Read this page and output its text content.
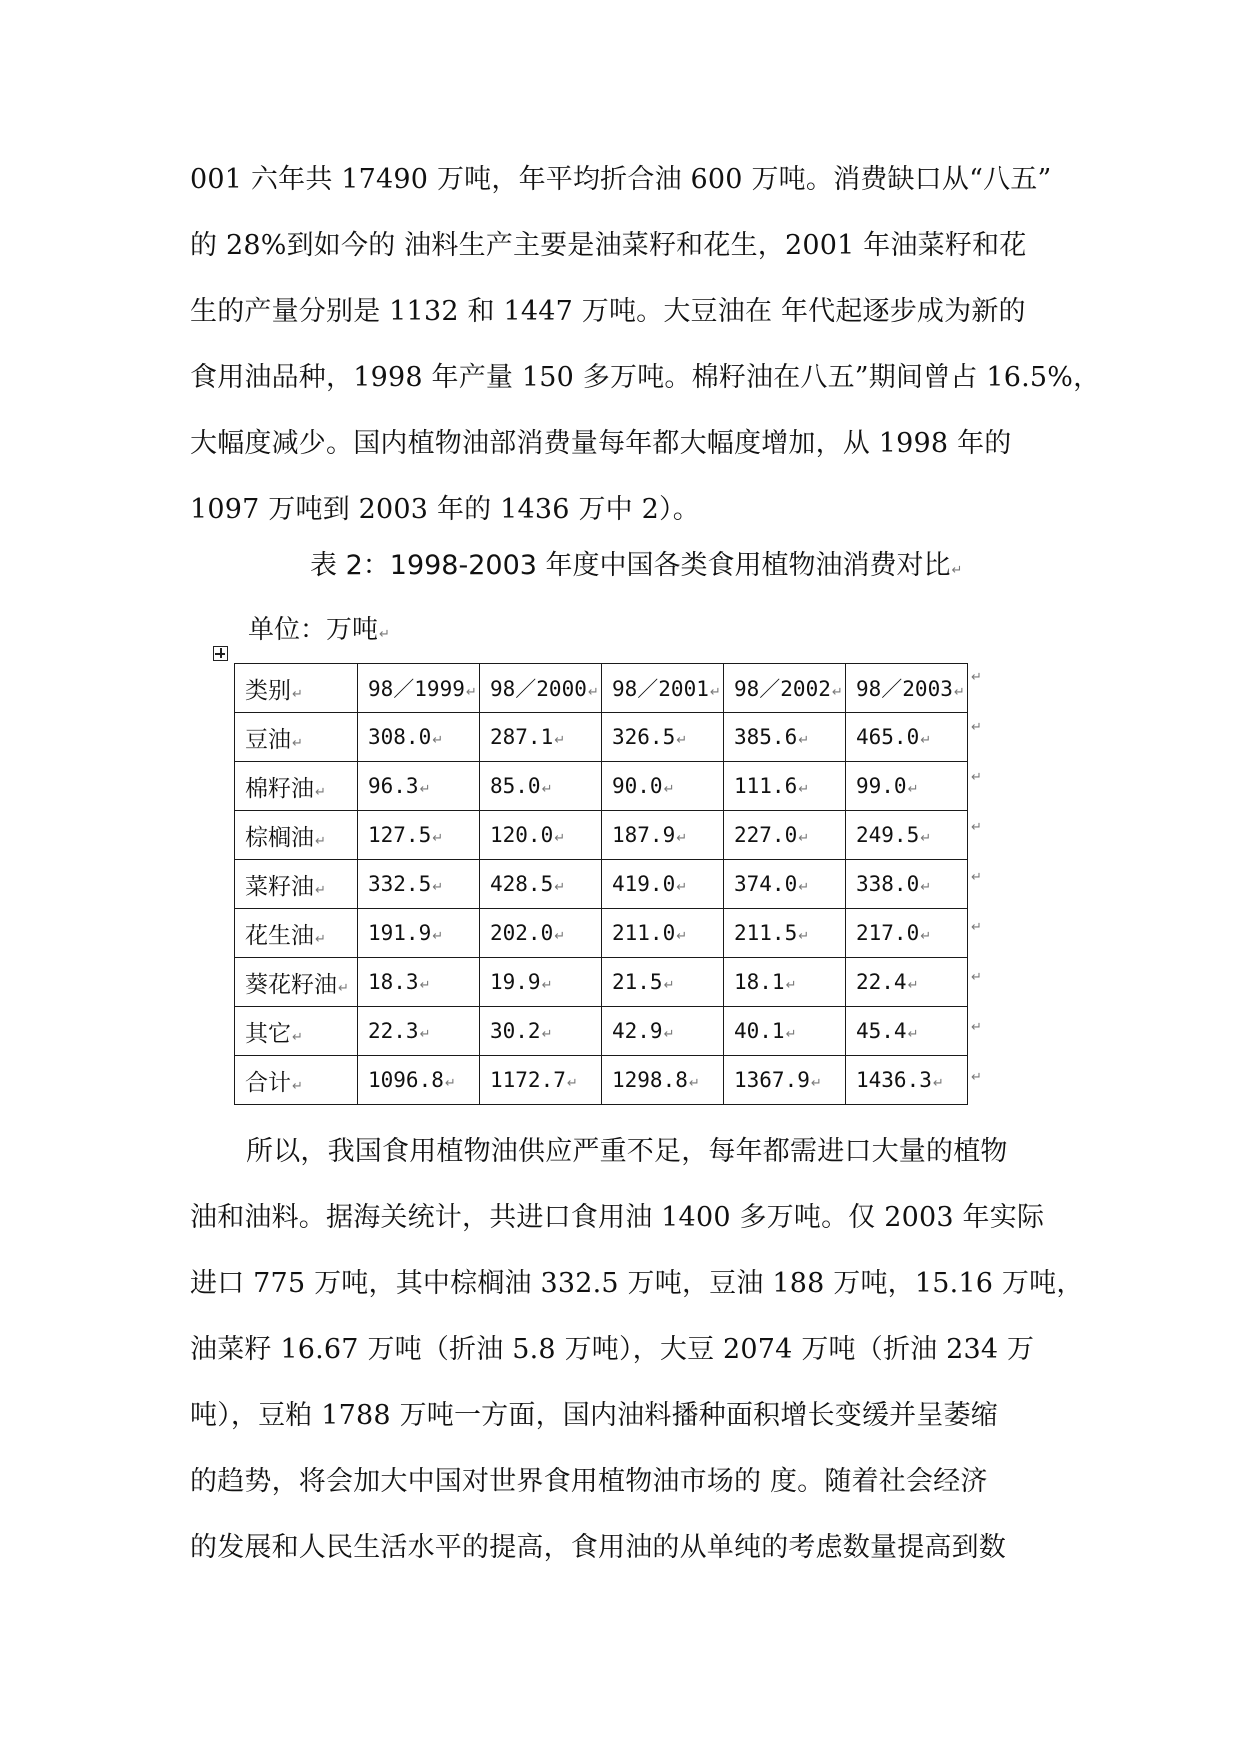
001 六年共 17490 万吨，年平均折合油 600 万吨。消费缺口从“八五”
的 28%到如今的 油料生产主要是油菜籽和花生，2001 年油菜籽和花
生的产量分别是 1132 和 1447 万吨。大豆油在 年代起逐步成为新的
食用油品种，1998 年产量 150 多万吨。棉籽油在八五”期间曾占 16.5%，
大幅度减少。国内植物油部消费量每年都大幅度增加，从 1998 年的
1097 万吨到 2003 年的 1436 万中 2）。
表 2：1998-2003 年度中国各类食用植物油消费对比↵
单位：万吨↵
类别↵	98／1999↵	98／2000↵	98／2001↵	98／2002↵	98／2003↵
豆油↵	308.0↵	287.1↵	326.5↵	385.6↵	465.0↵
棉籽油↵	96.3↵	85.0↵	90.0↵	111.6↵	99.0↵
棕榈油↵	127.5↵	120.0↵	187.9↵	227.0↵	249.5↵
菜籽油↵	332.5↵	428.5↵	419.0↵	374.0↵	338.0↵
花生油↵	191.9↵	202.0↵	211.0↵	211.5↵	217.0↵
葵花籽油↵	18.3↵	19.9↵	21.5↵	18.1↵	22.4↵
其它↵	22.3↵	30.2↵	42.9↵	40.1↵	45.4↵
合计↵	1096.8↵	1172.7↵	1298.8↵	1367.9↵	1436.3↵
↵
↵
↵
↵
↵
↵
↵
↵
↵
所以，我国食用植物油供应严重不足，每年都需进口大量的植物
油和油料。据海关统计，共进口食用油 1400 多万吨。仅 2003 年实际
进口 775 万吨，其中棕榈油 332.5 万吨，豆油 188 万吨，15.16 万吨，
油菜籽 16.67 万吨（折油 5.8 万吨），大豆 2074 万吨（折油 234 万
吨），豆粕 1788 万吨一方面，国内油料播种面积增长变缓并呈萎缩
的趋势，将会加大中国对世界食用植物油市场的 度。随着社会经济
的发展和人民生活水平的提高，食用油的从单纯的考虑数量提高到数
